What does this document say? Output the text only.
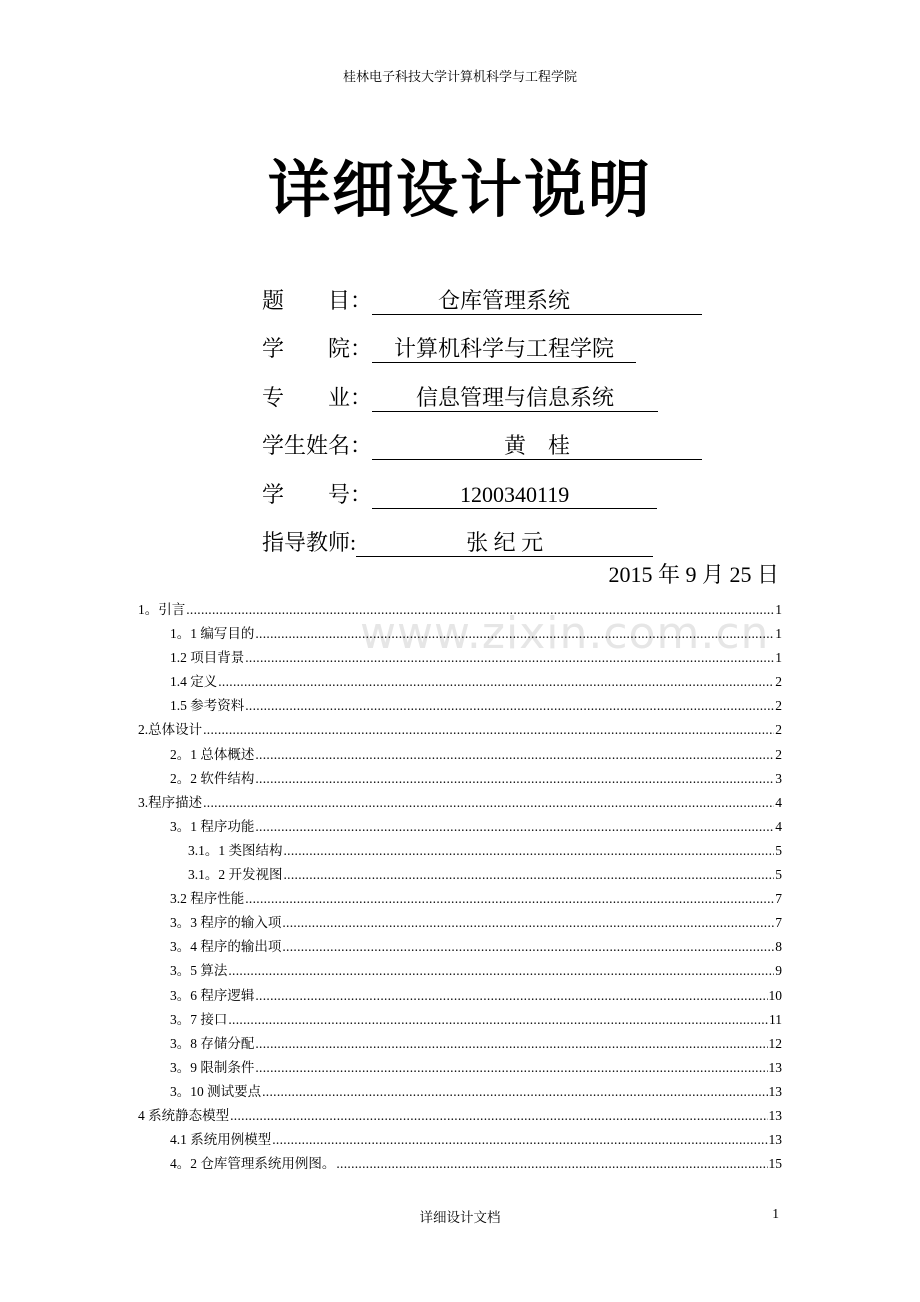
桂林电子科技大学计算机科学与工程学院
详细设计说明
题　　目： 　　　仓库管理系统　　　　　　
学　　院： 　计算机科学与工程学院　
专　　业： 　　信息管理与信息系统　　
学生姓名： 　　　　　　黄　桂　　　　　　
学　　号： 　　　　1200340119　　　　
指导教师: 　　　　　张 纪 元　　　　　
2015 年 9 月 25 日
www.zixin.com.cn
1。引言 .....	1
1。1 编写目的 .....	1
1.2 项目背景 .....	1
1.4 定义 .....	2
1.5 参考资料 .....	2
2.总体设计 .....	2
2。1 总体概述 .....	2
2。2 软件结构 .....	3
3.程序描述 .....	4
3。1 程序功能 .....	4
3.1。1 类图结构 .....	5
3.1。2 开发视图 .....	5
3.2 程序性能 .....	7
3。3 程序的输入项 .....	7
3。4 程序的输出项 .....	8
3。5 算法 .....	9
3。6 程序逻辑 .....	10
3。7 接口 .....	11
3。8 存储分配 .....	12
3。9 限制条件 .....	13
3。10 测试要点 .....	13
4 系统静态模型 .....	13
4.1 系统用例模型 .....	13
4。2 仓库管理系统用例图。 .....	15
详细设计文档	1
